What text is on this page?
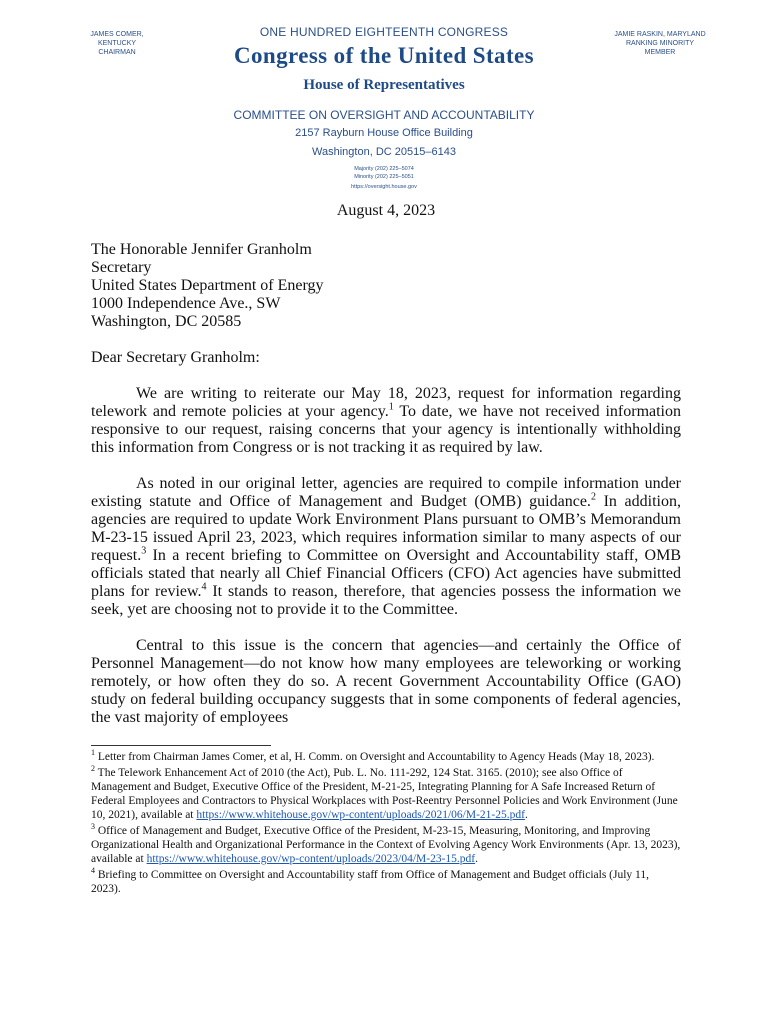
JAMES COMER, KENTUCKY
CHAIRMAN
ONE HUNDRED EIGHTEENTH CONGRESS
Congress of the United States
House of Representatives
COMMITTEE ON OVERSIGHT AND ACCOUNTABILITY
2157 Rayburn House Office Building
Washington, DC 20515–6143
Majority (202) 225–5074
Minority (202) 225–5051
https://oversight.house.gov
JAMIE RASKIN, MARYLAND
RANKING MINORITY MEMBER
August 4, 2023

The Honorable Jennifer Granholm

Secretary

United States Department of Energy

1000 Independence Ave., SW

Washington, DC 20585

Dear Secretary Granholm:

We are writing to reiterate our May 18, 2023, request for information regarding telework and remote policies at your agency.$^1$ To date, we have not received information responsive to our request, raising concerns that your agency is intentionally withholding this information from Congress or is not tracking it as required by law.

As noted in our original letter, agencies are required to compile information under existing statute and Office of Management and Budget (OMB) guidance.$^2$ In addition, agencies are required to update Work Environment Plans pursuant to OMB’s Memorandum M-23-15 issued April 23, 2023, which requires information similar to many aspects of our request.$^3$ In a recent briefing to Committee on Oversight and Accountability staff, OMB officials stated that nearly all Chief Financial Officers (CFO) Act agencies have submitted plans for review.$^4$ It stands to reason, therefore, that agencies possess the information we seek, yet are choosing not to provide it to the Committee.

Central to this issue is the concern that agencies—and certainly the Office of Personnel Management—do not know how many employees are teleworking or working remotely, or how often they do so. A recent Government Accountability Office (GAO) study on federal building occupancy suggests that in some components of federal agencies, the vast majority of employees

$^1$ Letter from Chairman James Comer, et al, H. Comm. on Oversight and Accountability to Agency Heads (May 18, 2023).
$^2$ The Telework Enhancement Act of 2010 (the Act), Pub. L. No. 111-292, 124 Stat. 3165. (2010); see also Office of Management and Budget, Executive Office of the President, M-21-25, Integrating Planning for A Safe Increased Return of Federal Employees and Contractors to Physical Workplaces with Post-Reentry Personnel Policies and Work Environment (June 10, 2021), available at https://www.whitehouse.gov/wp-content/uploads/2021/06/M-21-25.pdf.
$^3$ Office of Management and Budget, Executive Office of the President, M-23-15, Measuring, Monitoring, and Improving Organizational Health and Organizational Performance in the Context of Evolving Agency Work Environments (Apr. 13, 2023), available at https://www.whitehouse.gov/wp-content/uploads/2023/04/M-23-15.pdf.
$^4$ Briefing to Committee on Oversight and Accountability staff from Office of Management and Budget officials (July 11, 2023).
